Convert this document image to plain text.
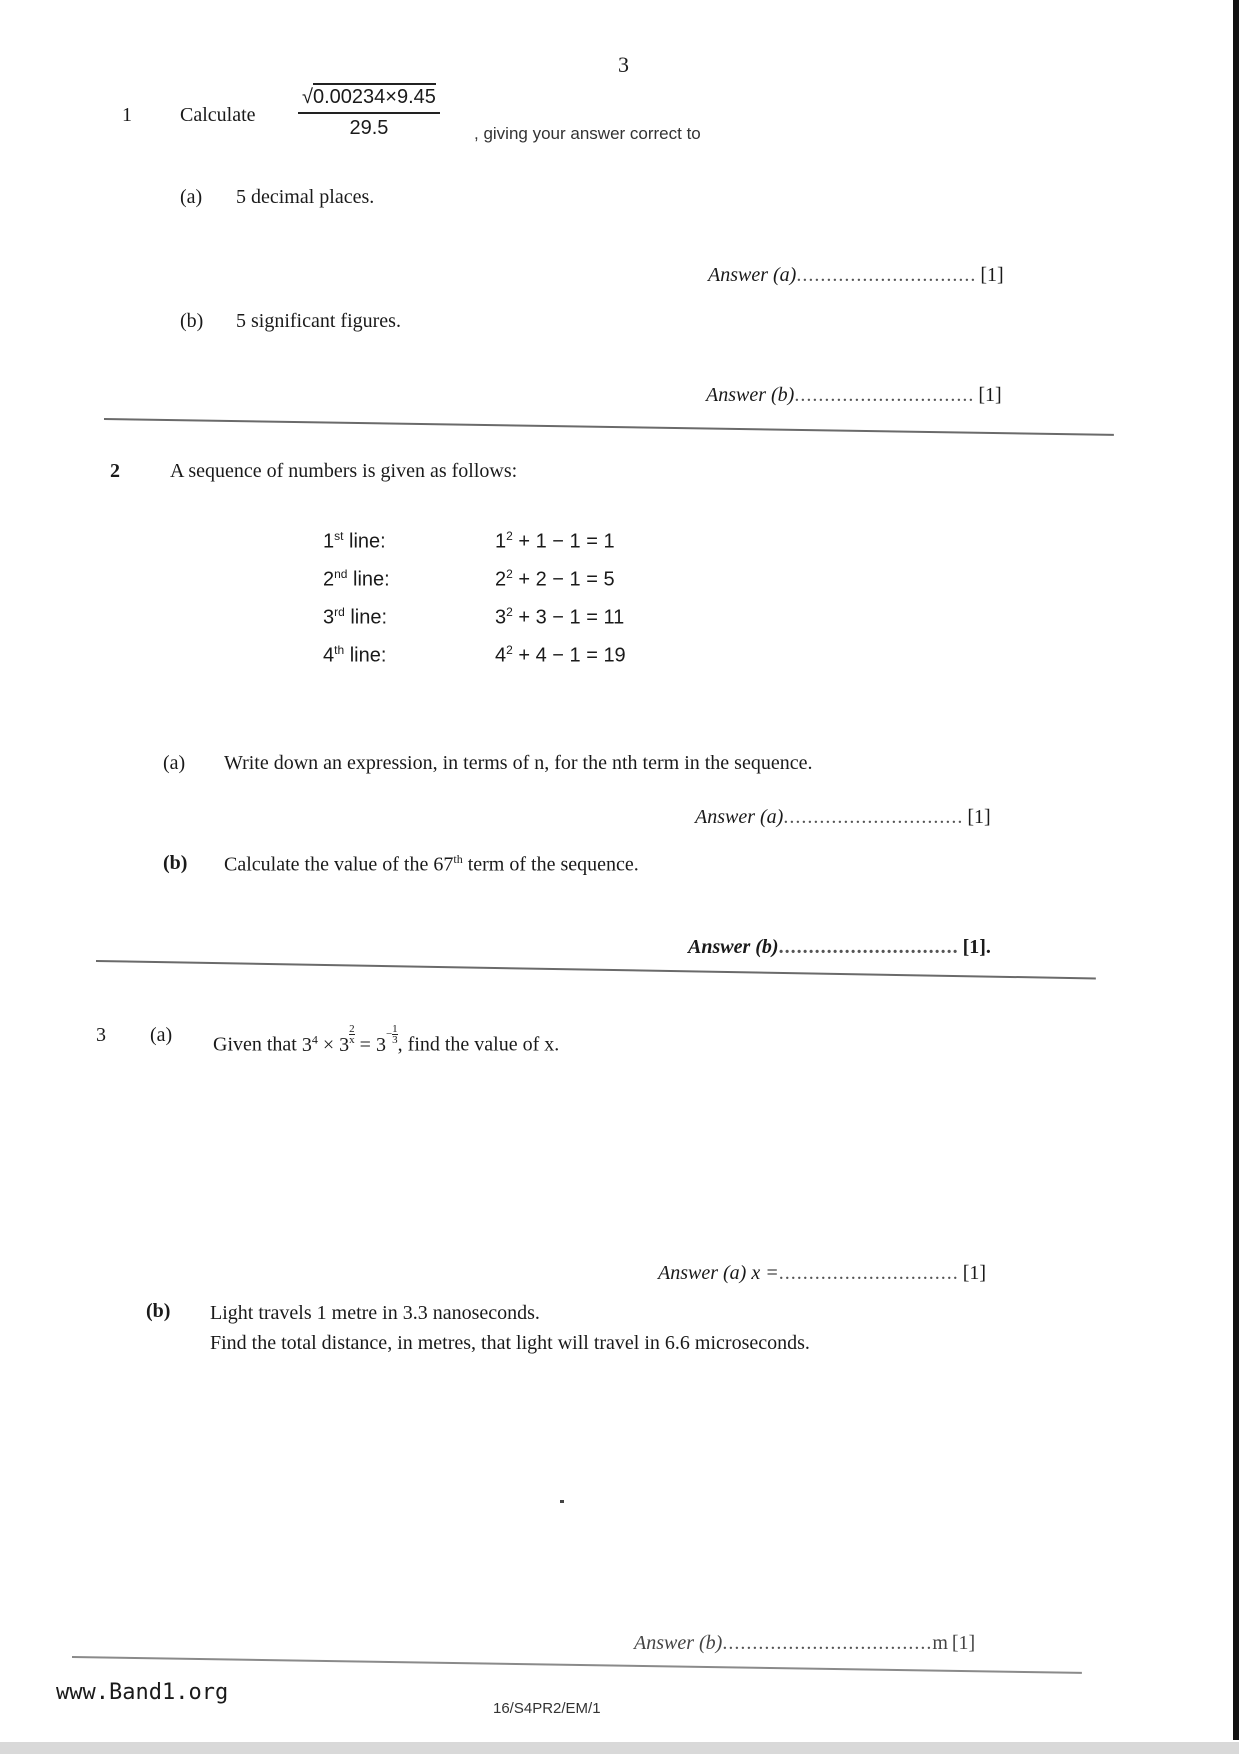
3
1 Calculate $\frac{√0.00234\times 9.45}{29.5}$ , giving your answer correct to
(a) 5 decimal places.
Answer (a).............................. [1]
(b) 5 significant figures.
Answer (b).............................. [1]
2	A sequence of numbers is given as follows:
1st line:	$1^2 + 1 - 1 = 1$
2nd line:	$2^2 + 2 - 1 = 5$
3rd line:	$3^2 + 3 - 1 = 11$
4th line:	$4^2 + 4 - 1 = 19$
(a) Write down an expression, in terms of n, for the nth term in the sequence.
Answer (a).............................. [1]
(b) Calculate the value of the 67th term of the sequence.
Answer (b).............................. [1].
3 (a) Given that $3^4 \times 3 \frac{2}{x} = 3 - \frac{1}{3}$ , find the value of x.
Answer (a) x =.............................. [1]
(b) Light travels 1 metre in 3.3 nanoseconds.
Find the total distance, in metres, that light will travel in 6.6 microseconds.
Answer (b)...................................m [1]
www.Band1.org
16/S4PR2/EM/1
